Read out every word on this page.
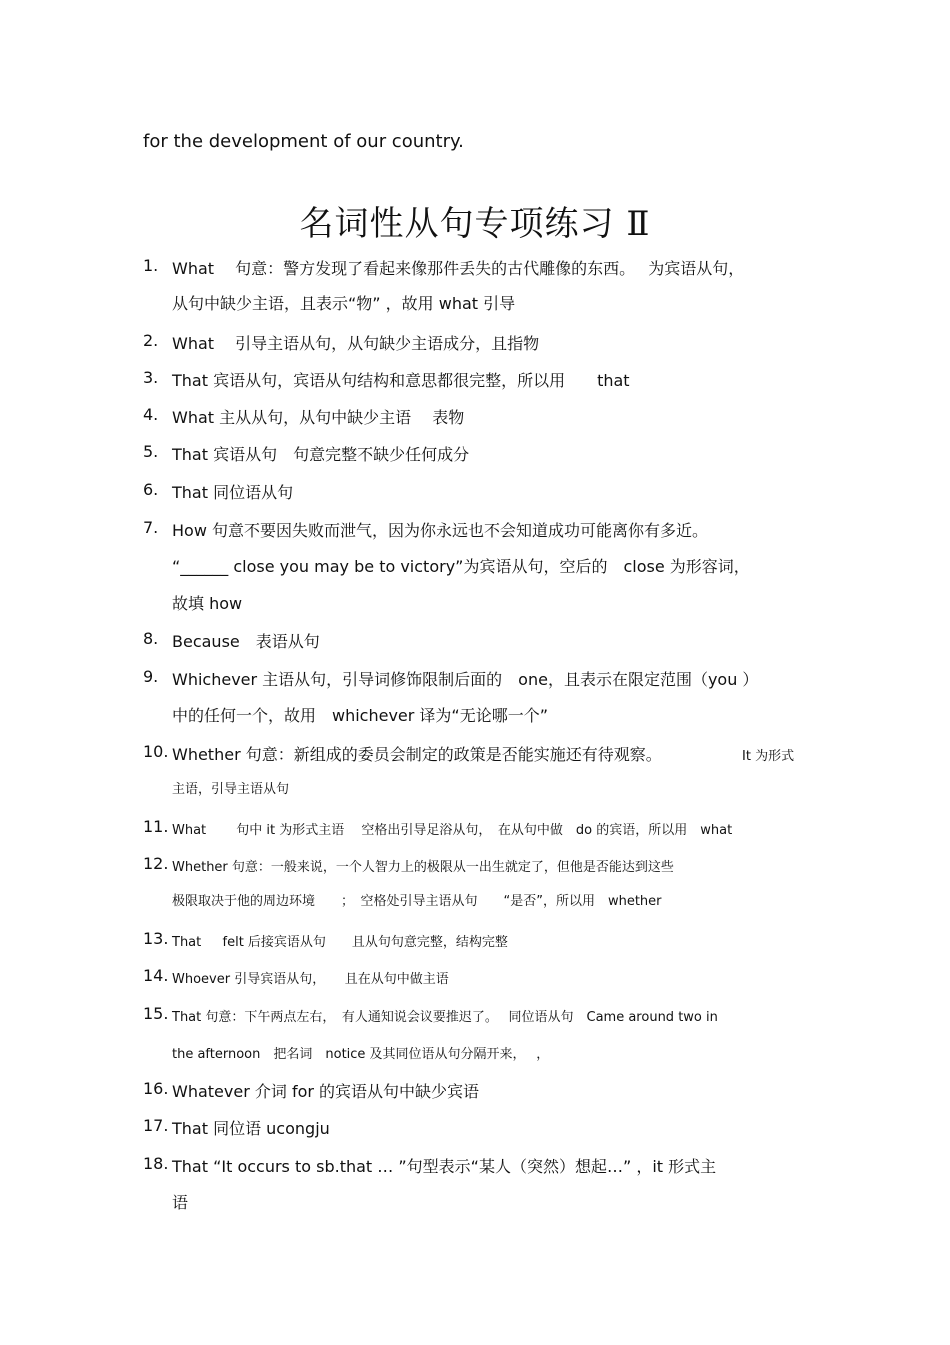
for the development of our country.

名词性从句专项练习 Ⅱ
1. What 　句意：警方发现了看起来像那件丢失的古代雕像的东西。　 为宾语从句，
从句中缺少主语，且表示“物” ，故用 what 引导
2. What 　引导主语从句，从句缺少主语成分，且指物
3. That 宾语从句，宾语从句结构和意思都很完整，所以用　　that
4. What 主从从句，从句中缺少主语　 表物
5. That 宾语从句　句意完整不缺少任何成分
6. That 同位语从句
7. How 句意不要因失败而泄气，因为你永远也不会知道成功可能离你有多近。
“______ close you may be to victory”为宾语从句，空后的　close 为形容词，
故填 how
8. Because　表语从句
9. Whichever 主语从句，引导词修饰限制后面的　one，且表示在限定范围（you ）
中的任何一个，故用　whichever 译为“无论哪一个”
10. Whether 句意：新组成的委员会制定的政策是否能实施还有待观察。	It 为形式
主语，引导主语从句
11. What 　　句中 it 为形式主语　 空格出引导足浴从句，　在从句中做　do 的宾语，所以用　what
12. Whether 句意：一般来说，一个人智力上的极限从一出生就定了，但他是否能达到这些
极限取决于他的周边环境　　；　空格处引导主语从句　　“是否”，所以用　whether
13. That 　 felt 后接宾语从句　　且从句句意完整，结构完整
14. Whoever 引导宾语从句，　　且在从句中做主语
15. That 句意：下午两点左右，　有人通知说会议要推迟了。　 同位语从句　Came around two in
the afternoon　把名词　notice 及其同位语从句分隔开来，　 ，
16. Whatever 介词 for 的宾语从句中缺少宾语
17. That 同位语 ucongju
18. That “It occurs to sb.that … ”句型表示“某人（突然）想起…” ，it 形式主
语
